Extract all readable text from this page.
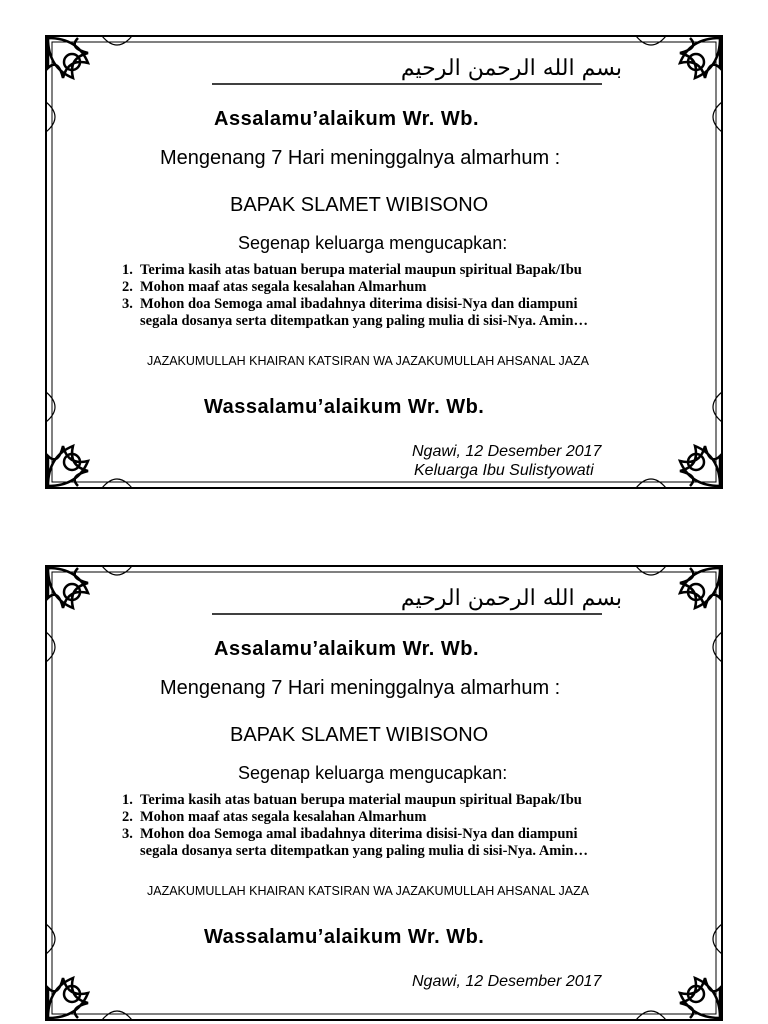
بسم الله الرحمن الرحيم
Assalamu’alaikum Wr. Wb.
Mengenang 7 Hari meninggalnya almarhum :
BAPAK SLAMET WIBISONO
Segenap keluarga mengucapkan:
1. Terima kasih atas batuan berupa material maupun spiritual Bapak/Ibu
2. Mohon maaf atas segala kesalahan Almarhum
3. Mohon doa Semoga amal ibadahnya diterima disisi-Nya dan diampuni
segala dosanya serta ditempatkan yang paling mulia di sisi-Nya. Amin…
JAZAKUMULLAH KHAIRAN KATSIRAN WA JAZAKUMULLAH AHSANAL JAZA
Wassalamu’alaikum Wr. Wb.
Ngawi, 12 Desember 2017
Keluarga Ibu Sulistyowati
بسم الله الرحمن الرحيم
Assalamu’alaikum Wr. Wb.
Mengenang 7 Hari meninggalnya almarhum :
BAPAK SLAMET WIBISONO
Segenap keluarga mengucapkan:
1. Terima kasih atas batuan berupa material maupun spiritual Bapak/Ibu
2. Mohon maaf atas segala kesalahan Almarhum
3. Mohon doa Semoga amal ibadahnya diterima disisi-Nya dan diampuni
segala dosanya serta ditempatkan yang paling mulia di sisi-Nya. Amin…
JAZAKUMULLAH KHAIRAN KATSIRAN WA JAZAKUMULLAH AHSANAL JAZA
Wassalamu’alaikum Wr. Wb.
Ngawi, 12 Desember 2017
